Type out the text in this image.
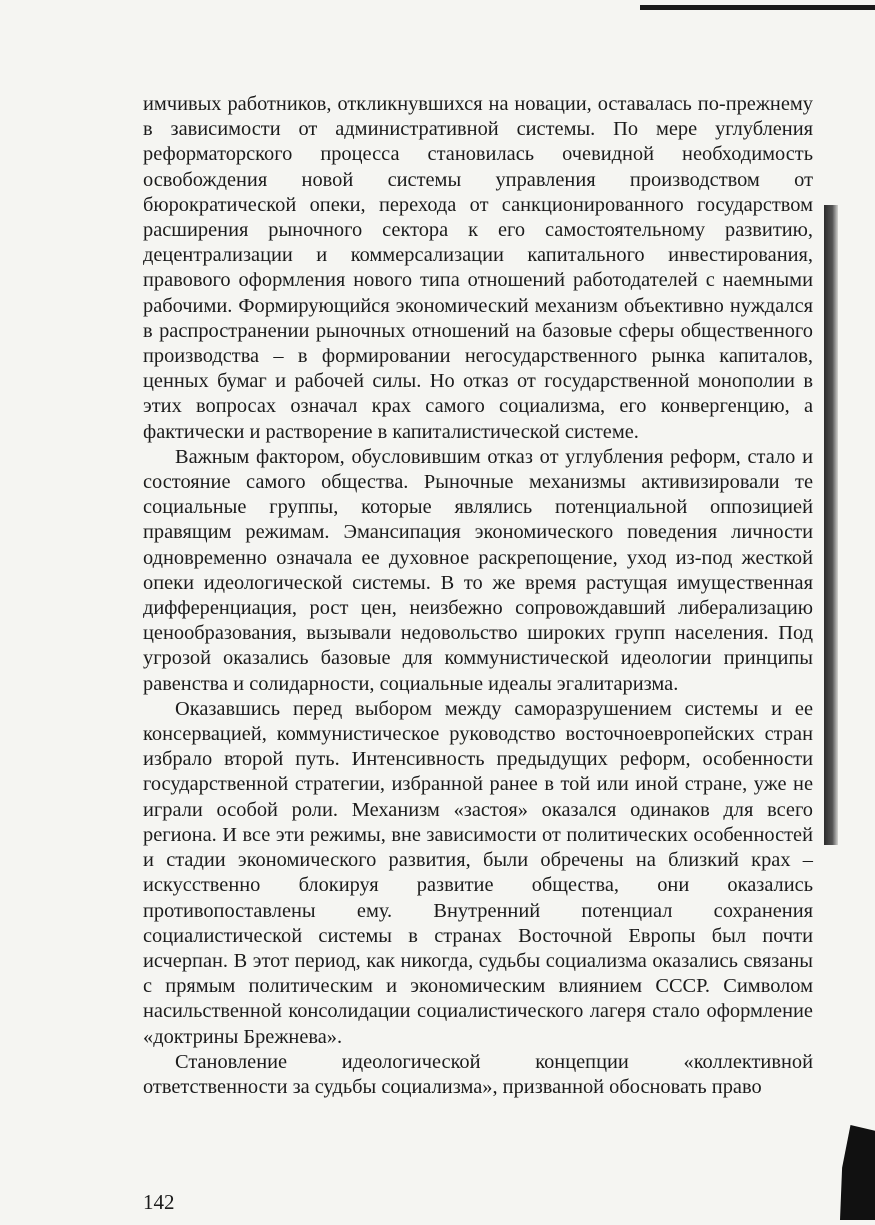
имчивых работников, откликнувшихся на новации, оставалась по-прежнему в зависимости от административной системы. По мере углубления реформаторского процесса становилась очевидной необходимость освобождения новой системы управления производством от бюрократической опеки, перехода от санкционированного государством расширения рыночного сектора к его самостоятельному развитию, децентрализации и коммерсализации капитального инвестирования, правового оформления нового типа отношений работодателей с наемными рабочими. Формирующийся экономический механизм объективно нуждался в распространении рыночных отношений на базовые сферы общественного производства – в формировании негосударственного рынка капиталов, ценных бумаг и рабочей силы. Но отказ от государственной монополии в этих вопросах означал крах самого социализма, его конвергенцию, а фактически и растворение в капиталистической системе.

Важным фактором, обусловившим отказ от углубления реформ, стало и состояние самого общества. Рыночные механизмы активизировали те социальные группы, которые являлись потенциальной оппозицией правящим режимам. Эмансипация экономического поведения личности одновременно означала ее духовное раскрепощение, уход из-под жесткой опеки идеологической системы. В то же время растущая имущественная дифференциация, рост цен, неизбежно сопровождавший либерализацию ценообразования, вызывали недовольство широких групп населения. Под угрозой оказались базовые для коммунистической идеологии принципы равенства и солидарности, социальные идеалы эгалитаризма.

Оказавшись перед выбором между саморазрушением системы и ее консервацией, коммунистическое руководство восточноевропейских стран избрало второй путь. Интенсивность предыдущих реформ, особенности государственной стратегии, избранной ранее в той или иной стране, уже не играли особой роли. Механизм «застоя» оказался одинаков для всего региона. И все эти режимы, вне зависимости от политических особенностей и стадии экономического развития, были обречены на близкий крах – искусственно блокируя развитие общества, они оказались противопоставлены ему. Внутренний потенциал сохранения социалистической системы в странах Восточной Европы был почти исчерпан. В этот период, как никогда, судьбы социализма оказались связаны с прямым политическим и экономическим влиянием СССР. Символом насильственной консолидации социалистического лагеря стало оформление «доктрины Брежнева».

Становление идеологической концепции «коллективной ответственности за судьбы социализма», призванной обосновать право

142
